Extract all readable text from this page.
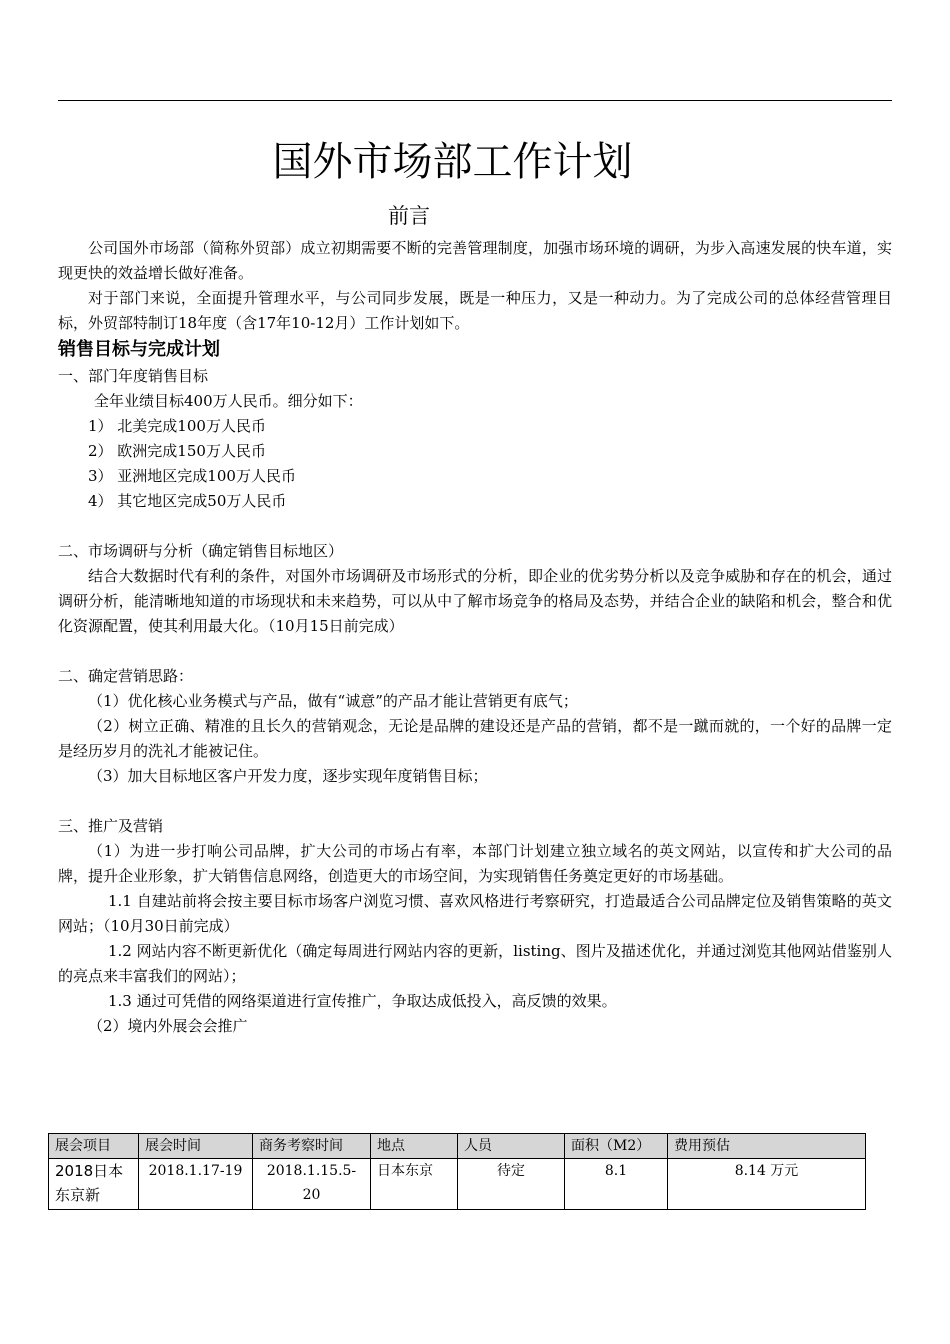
国外市场部工作计划
前言

公司国外市场部（简称外贸部）成立初期需要不断的完善管理制度，加强市场环境的调研，为步入高速发展的快车道，实现更快的效益增长做好准备。

对于部门来说，全面提升管理水平，与公司同步发展，既是一种压力，又是一种动力。为了完成公司的总体经营管理目标，外贸部特制订18年度（含17年10-12月）工作计划如下。

销售目标与完成计划

一、部门年度销售目标

全年业绩目标400万人民币。细分如下：

1） 北美完成100万人民币

2） 欧洲完成150万人民币

3） 亚洲地区完成100万人民币

4） 其它地区完成50万人民币

二、市场调研与分析（确定销售目标地区）

结合大数据时代有利的条件，对国外市场调研及市场形式的分析，即企业的优劣势分析以及竞争威胁和存在的机会，通过调研分析，能清晰地知道的市场现状和未来趋势，可以从中了解市场竞争的格局及态势，并结合企业的缺陷和机会，整合和优化资源配置，使其利用最大化。（10月15日前完成）

二、确定营销思路：

（1）优化核心业务模式与产品，做有“诚意”的产品才能让营销更有底气；

（2）树立正确、精准的且长久的营销观念，无论是品牌的建设还是产品的营销，都不是一蹴而就的，一个好的品牌一定是经历岁月的洗礼才能被记住。

（3）加大目标地区客户开发力度，逐步实现年度销售目标；

三、推广及营销

（1）为进一步打响公司品牌，扩大公司的市场占有率，本部门计划建立独立域名的英文网站，以宣传和扩大公司的品牌，提升企业形象，扩大销售信息网络，创造更大的市场空间，为实现销售任务奠定更好的市场基础。

1.1 自建站前将会按主要目标市场客户浏览习惯、喜欢风格进行考察研究，打造最适合公司品牌定位及销售策略的英文网站；（10月30日前完成）

1.2 网站内容不断更新优化（确定每周进行网站内容的更新，listing、图片及描述优化，并通过浏览其他网站借鉴别人的亮点来丰富我们的网站）；

1.3 通过可凭借的网络渠道进行宣传推广，争取达成低投入，高反馈的效果。

（2）境内外展会会推广

展会项目	展会时间	商务考察时间	地点	人员	面积（M2）	费用预估
2018日本东京新	2018.1.17-19	2018.1.15.5-20	日本东京	待定	8.1	8.14 万元
